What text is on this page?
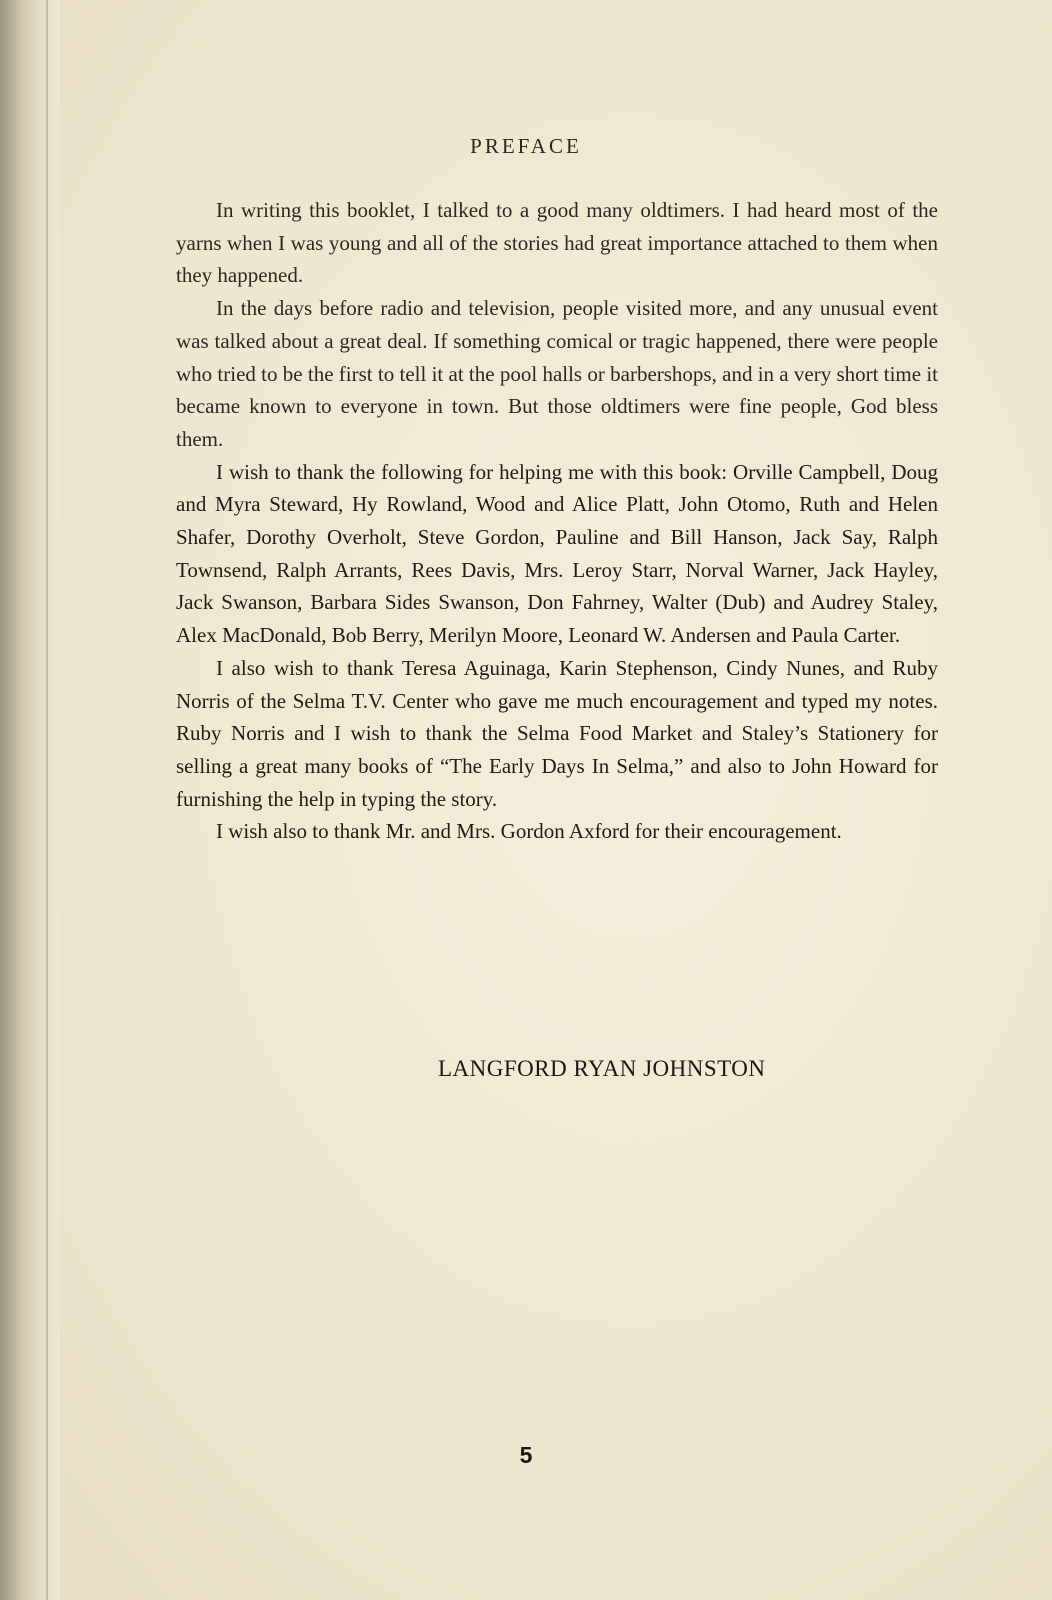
PREFACE

In writing this booklet, I talked to a good many oldtimers. I had heard most of the yarns when I was young and all of the stories had great importance attached to them when they happened.

In the days before radio and television, people visited more, and any unusual event was talked about a great deal. If something comical or tragic happened, there were people who tried to be the first to tell it at the pool halls or barbershops, and in a very short time it became known to everyone in town. But those oldtimers were fine people, God bless them.

I wish to thank the following for helping me with this book: Orville Campbell, Doug and Myra Steward, Hy Rowland, Wood and Alice Platt, John Otomo, Ruth and Helen Shafer, Dorothy Overholt, Steve Gordon, Pauline and Bill Hanson, Jack Say, Ralph Townsend, Ralph Arrants, Rees Davis, Mrs. Leroy Starr, Norval Warner, Jack Hayley, Jack Swanson, Barbara Sides Swanson, Don Fahrney, Walter (Dub) and Audrey Staley, Alex MacDonald, Bob Berry, Merilyn Moore, Leonard W. Andersen and Paula Carter.

I also wish to thank Teresa Aguinaga, Karin Stephenson, Cindy Nunes, and Ruby Norris of the Selma T.V. Center who gave me much encouragement and typed my notes. Ruby Norris and I wish to thank the Selma Food Market and Staley’s Stationery for selling a great many books of “The Early Days In Selma,” and also to John Howard for furnishing the help in typing the story.

I wish also to thank Mr. and Mrs. Gordon Axford for their encouragement.

LANGFORD RYAN JOHNSTON
5
